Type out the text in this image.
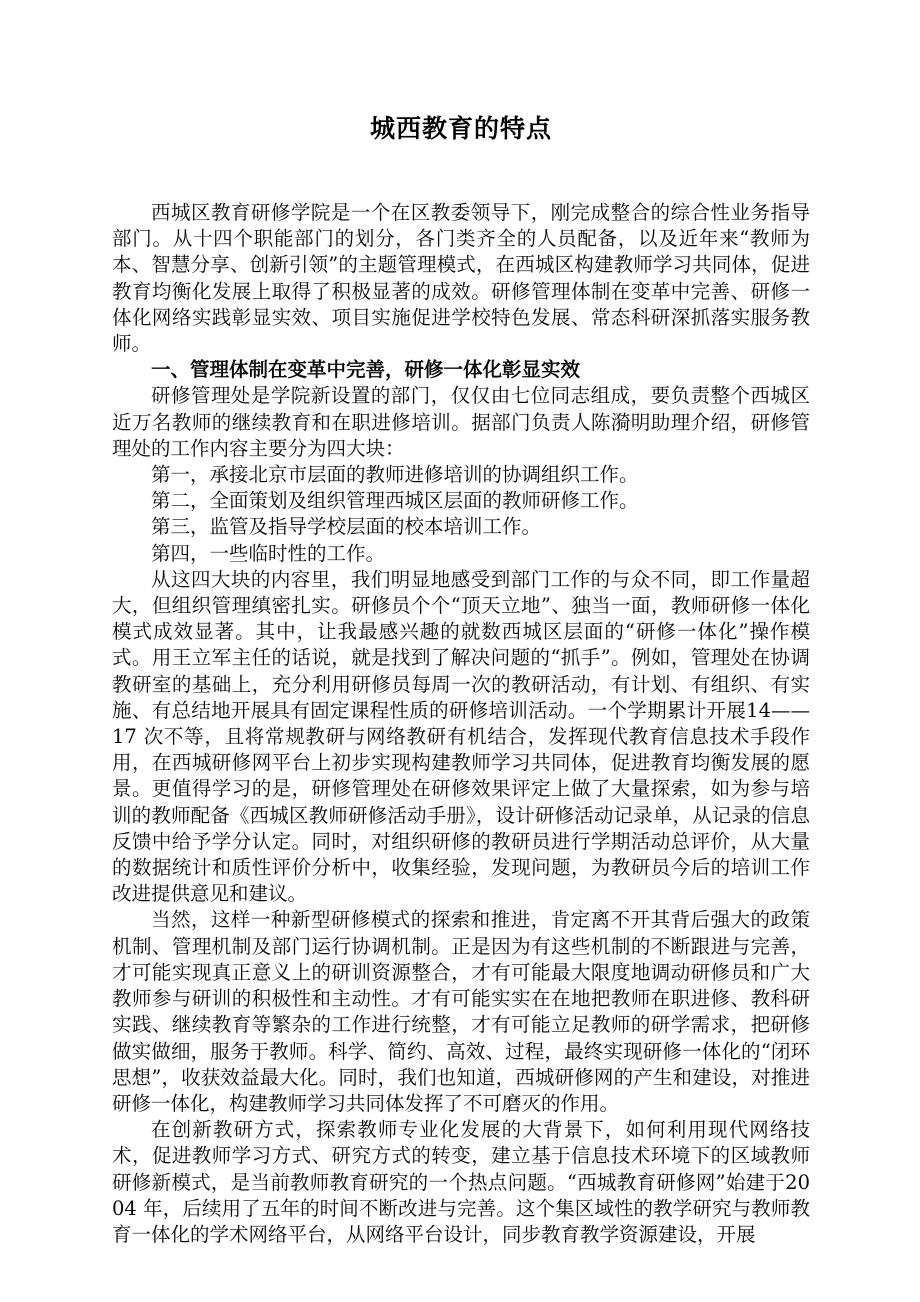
城西教育的特点

西城区教育研修学院是一个在区教委领导下，刚完成整合的综合性业务指导部门。从十四个职能部门的划分，各门类齐全的人员配备，以及近年来“教师为本、智慧分享、创新引领”的主题管理模式，在西城区构建教师学习共同体，促进教育均衡化发展上取得了积极显著的成效。研修管理体制在变革中完善、研修一体化网络实践彰显实效、项目实施促进学校特色发展、常态科研深抓落实服务教师。

一、管理体制在变革中完善，研修一体化彰显实效

研修管理处是学院新设置的部门，仅仅由七位同志组成，要负责整个西城区近万名教师的继续教育和在职进修培训。据部门负责人陈漪明助理介绍，研修管理处的工作内容主要分为四大块：

第一，承接北京市层面的教师进修培训的协调组织工作。

第二，全面策划及组织管理西城区层面的教师研修工作。

第三，监管及指导学校层面的校本培训工作。

第四，一些临时性的工作。

从这四大块的内容里，我们明显地感受到部门工作的与众不同，即工作量超大，但组织管理缜密扎实。研修员个个“顶天立地”、独当一面，教师研修一体化模式成效显著。其中，让我最感兴趣的就数西城区层面的“研修一体化”操作模式。用王立军主任的话说，就是找到了解决问题的“抓手”。例如，管理处在协调教研室的基础上，充分利用研修员每周一次的教研活动，有计划、有组织、有实施、有总结地开展具有固定课程性质的研修培训活动。一个学期累计开展14——17 次不等，且将常规教研与网络教研有机结合，发挥现代教育信息技术手段作用，在西城研修网平台上初步实现构建教师学习共同体，促进教育均衡发展的愿景。更值得学习的是，研修管理处在研修效果评定上做了大量探索，如为参与培训的教师配备《西城区教师研修活动手册》，设计研修活动记录单，从记录的信息反馈中给予学分认定。同时，对组织研修的教研员进行学期活动总评价，从大量的数据统计和质性评价分析中，收集经验，发现问题，为教研员今后的培训工作改进提供意见和建议。

当然，这样一种新型研修模式的探索和推进，肯定离不开其背后强大的政策机制、管理机制及部门运行协调机制。正是因为有这些机制的不断跟进与完善，才可能实现真正意义上的研训资源整合，才有可能最大限度地调动研修员和广大教师参与研训的积极性和主动性。才有可能实实在在地把教师在职进修、教科研实践、继续教育等繁杂的工作进行统整，才有可能立足教师的研学需求，把研修做实做细，服务于教师。科学、简约、高效、过程，最终实现研修一体化的“闭环思想”，收获效益最大化。同时，我们也知道，西城研修网的产生和建设，对推进研修一体化，构建教师学习共同体发挥了不可磨灭的作用。

在创新教研方式，探索教师专业化发展的大背景下，如何利用现代网络技术，促进教师学习方式、研究方式的转变，建立基于信息技术环境下的区域教师研修新模式，是当前教师教育研究的一个热点问题。“西城教育研修网”始建于2004 年，后续用了五年的时间不断改进与完善。这个集区域性的教学研究与教师教育一体化的学术网络平台，从网络平台设计，同步教育教学资源建设，开展
